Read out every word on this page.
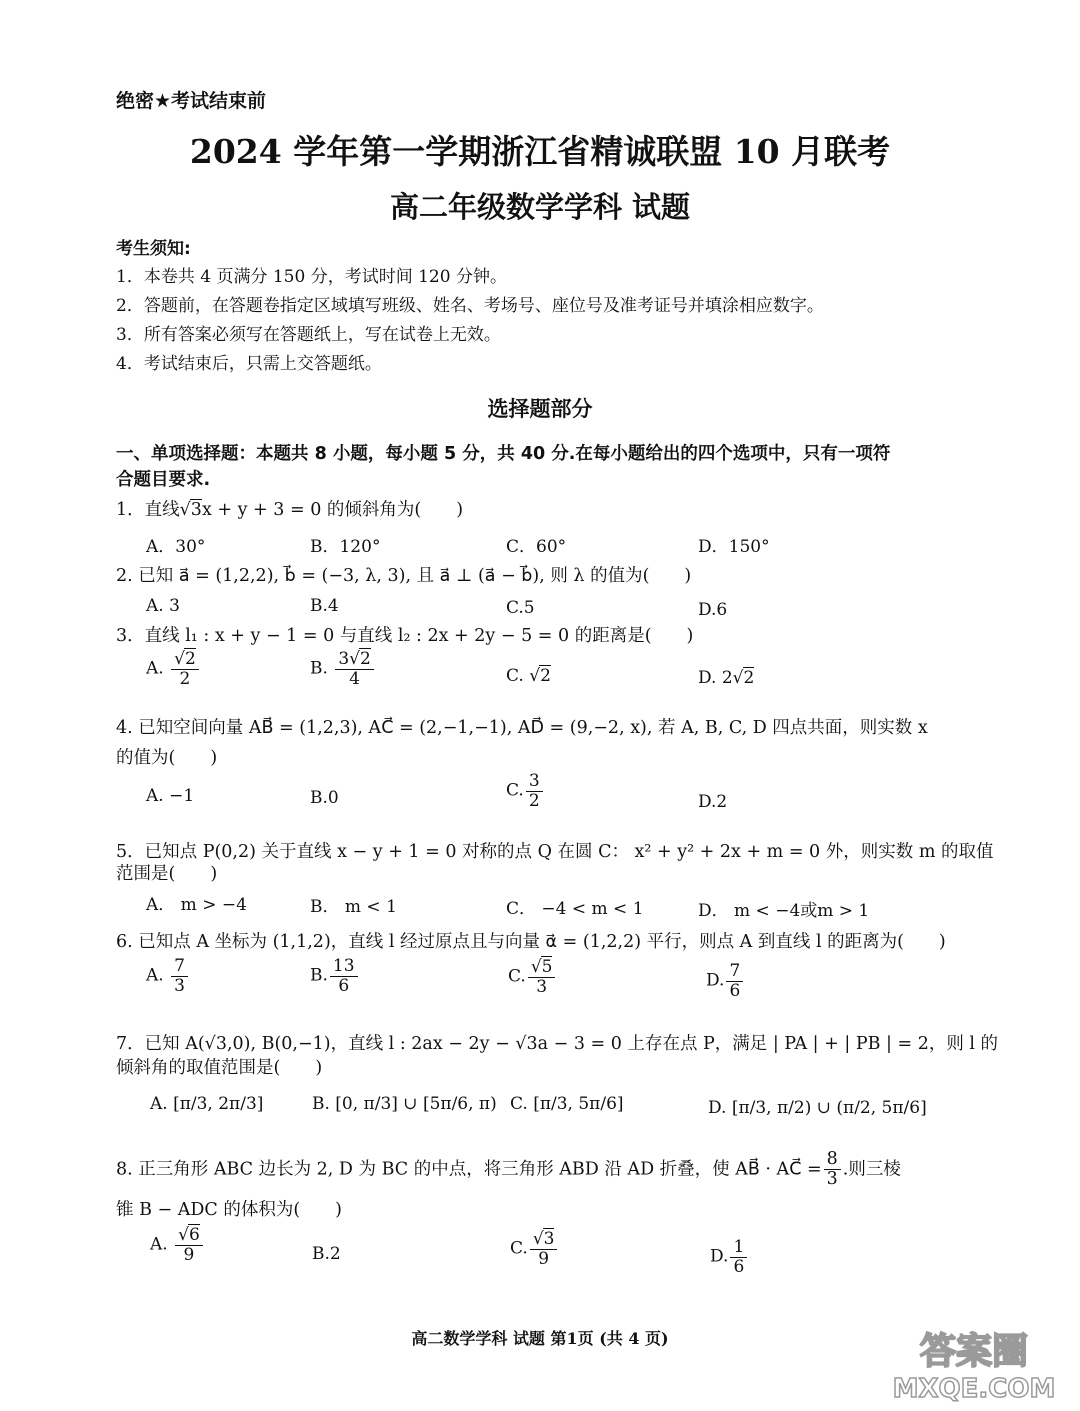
绝密★考试结束前
2024 学年第一学期浙江省精诚联盟 10 月联考
高二年级数学学科 试题
考生须知:
1．本卷共 4 页满分 150 分，考试时间 120 分钟。
2．答题前，在答题卷指定区域填写班级、姓名、考场号、座位号及准考证号并填涂相应数字。
3．所有答案必须写在答题纸上，写在试卷上无效。
4．考试结束后，只需上交答题纸。
选择题部分
一、单项选择题：本题共 8 小题，每小题 5 分，共 40 分.在每小题给出的四个选项中，只有一项符
合题目要求.
1．直线√3x + y + 3 = 0 的倾斜角为(　　)
A．30°	B．120°	C．60°	D．150°
2. 已知 a⃗ = (1,2,2), b⃗ = (−3, λ, 3), 且 a⃗ ⊥ (a⃗ − b⃗), 则 λ 的值为(　　)
A. 3	B.4	C.5	D.6
3．直线 l₁ : x + y − 1 = 0 与直线 l₂ : 2x + 2y − 5 = 0 的距离是(　　)
A. $\frac{√2}{2}$	B. $\frac{3√2}{4}$	C. √2	D. 2√2
4. 已知空间向量 AB⃗ = (1,2,3), AC⃗ = (2,−1,−1), AD⃗ = (9,−2, x), 若 A, B, C, D 四点共面，则实数 x
的值为(　　)
A. −1	B.0	C. $\frac{3}{2}$	D.2
5．已知点 P(0,2) 关于直线 x − y + 1 = 0 对称的点 Q 在圆 C： x² + y² + 2x + m = 0 外，则实数 m 的取值
范围是(　　)
A． m > −4	B． m < 1	C． −4 < m < 1	D． m < −4或m > 1
6. 已知点 A 坐标为 (1,1,2)，直线 l 经过原点且与向量 α⃗ = (1,2,2) 平行，则点 A 到直线 l 的距离为(　　)
A. $\frac{7}{3}$	B. $\frac{13}{6}$	C. $\frac{√5}{3}$	D. $\frac{7}{6}$
7．已知 A(√3,0), B(0,−1)，直线 l : 2ax − 2y − √3a − 3 = 0 上存在点 P，满足 | PA | + | PB | = 2，则 l 的
倾斜角的取值范围是(　　)
A. [π/3, 2π/3]	B. [0, π/3] ∪ [5π/6, π) C. [π/3, 5π/6]	D. [π/3, π/2) ∪ (π/2, 5π/6]
8. 正三角形 ABC 边长为 2, D 为 BC 的中点，将三角形 ABD 沿 AD 折叠，使 AB⃗ · AC⃗ = $\frac{8}{3}$ .则三棱
锥 B − ADC 的体积为(　　)
A. $\frac{√6}{9}$	B.2	C. $\frac{√3}{9}$	D. $\frac{1}{6}$
高二数学学科 试题 第1页 (共 4 页)	答案圈
MXQE.COM
